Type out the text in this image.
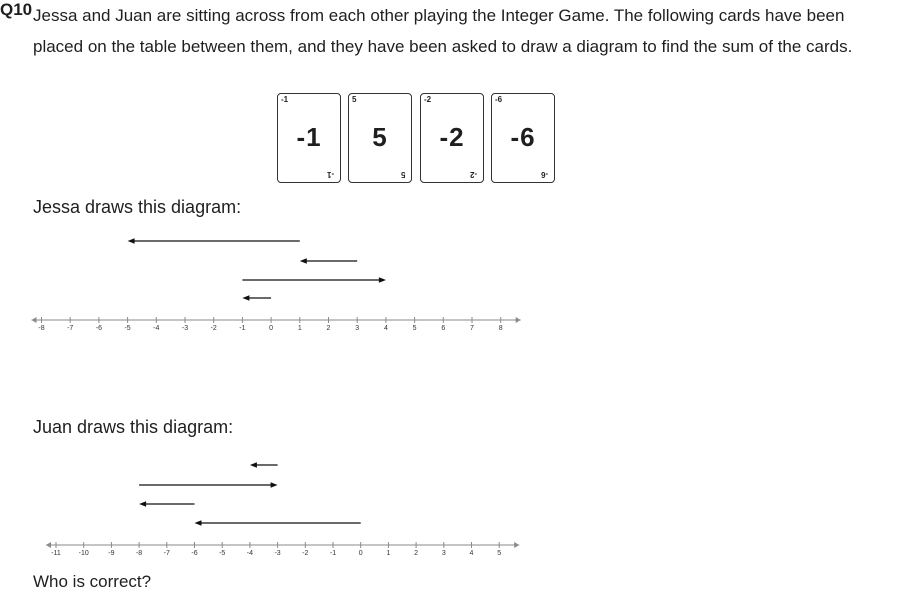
Q10 Jessa and Juan are sitting across from each other playing the Integer Game. The following cards have been placed on the table between them, and they have been asked to draw a diagram to find the sum of the cards.

-1
-1
-1
5
5
5
-2
-2
-2
-6
-6
-6
Jessa draws this diagram:
-8	-7	-6	-5	-4	-3	-2	-1	0	1	2	3	4	5	6	7	8
Juan draws this diagram:
-11	-10	-9	-8	-7	-6	-5	-4	-3	-2	-1	0	1	2	3	4	5
Who is correct?
